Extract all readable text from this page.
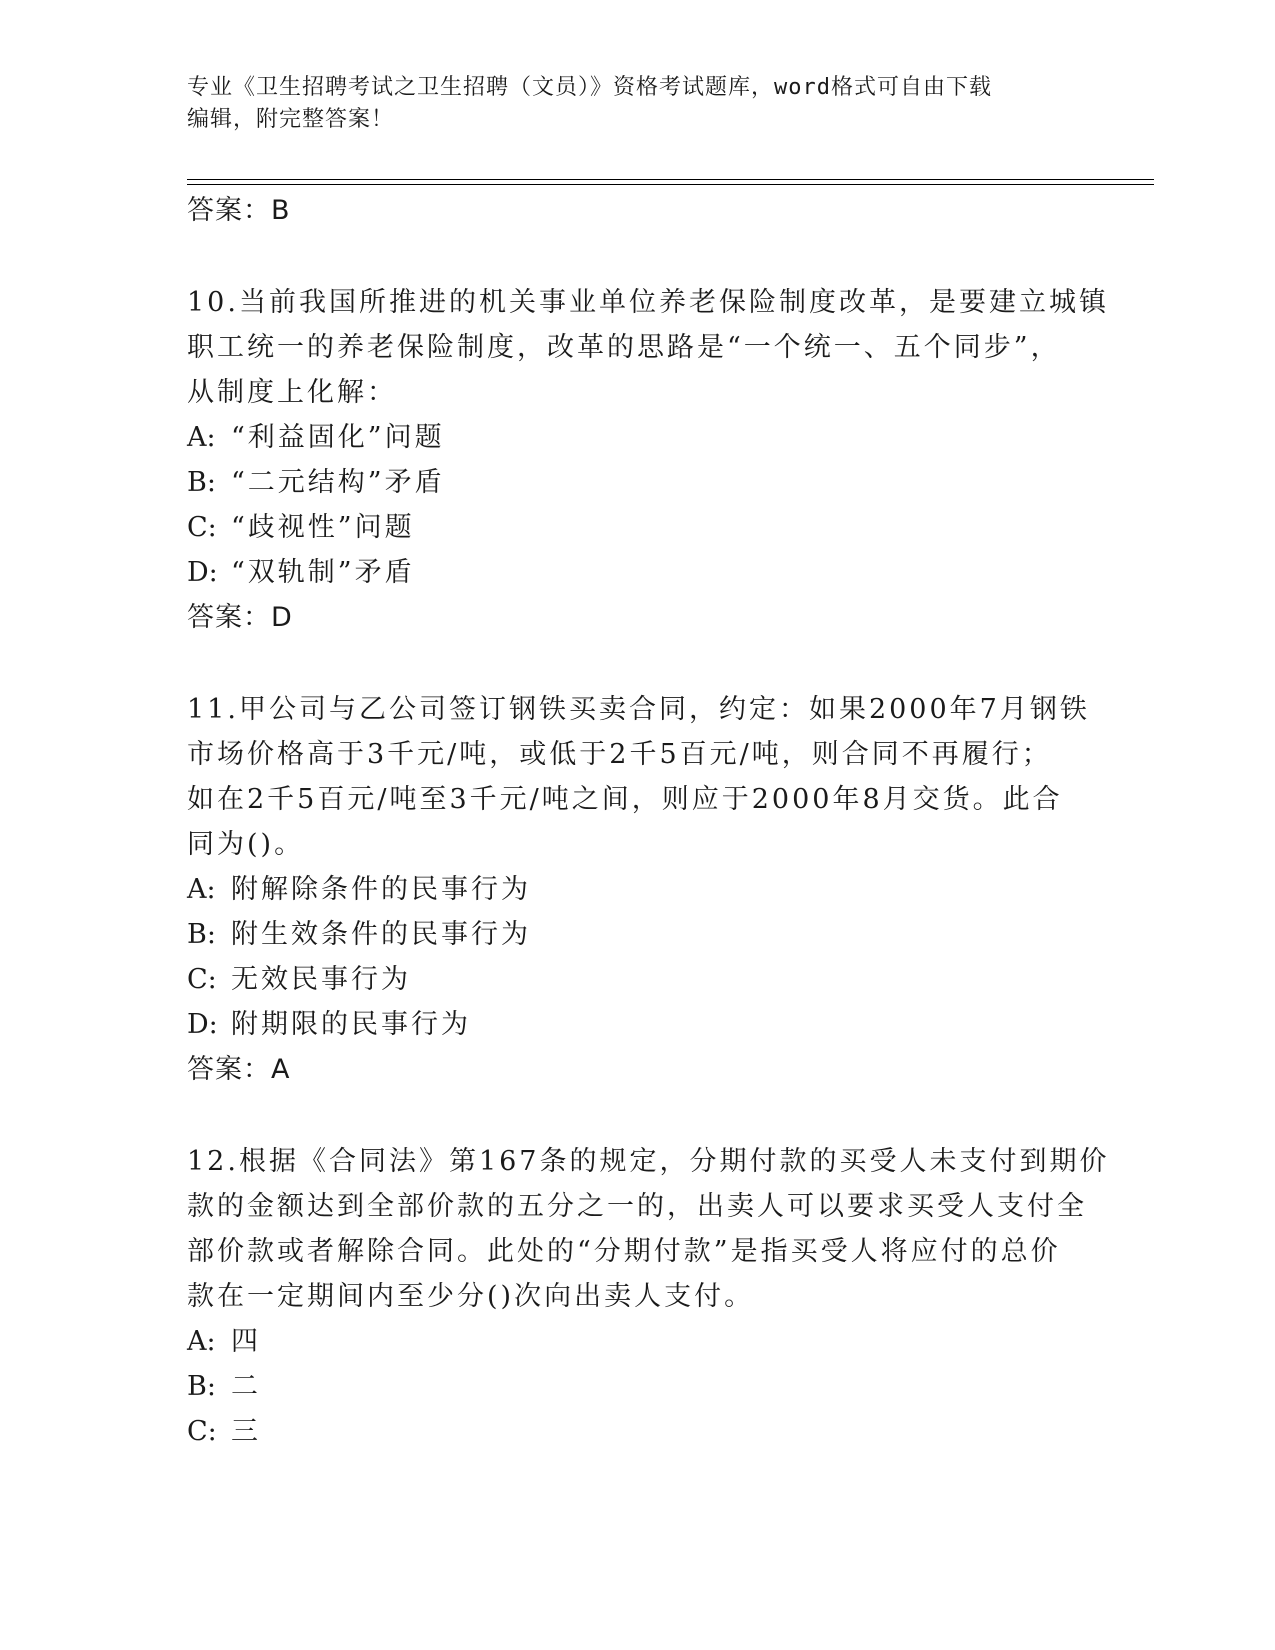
专业《卫生招聘考试之卫生招聘（文员）》资格考试题库，word格式可自由下载
编辑，附完整答案！
答案：B
10.当前我国所推进的机关事业单位养老保险制度改革，是要建立城镇
职工统一的养老保险制度，改革的思路是“一个统一、五个同步”，
从制度上化解：
A: “利益固化”问题
B: “二元结构”矛盾
C: “歧视性”问题
D: “双轨制”矛盾
答案：D
11.甲公司与乙公司签订钢铁买卖合同，约定：如果2000年7月钢铁
市场价格高于3千元/吨，或低于2千5百元/吨，则合同不再履行；
如在2千5百元/吨至3千元/吨之间，则应于2000年8月交货。此合
同为()。
A: 附解除条件的民事行为
B: 附生效条件的民事行为
C: 无效民事行为
D: 附期限的民事行为
答案：A
12.根据《合同法》第167条的规定，分期付款的买受人未支付到期价
款的金额达到全部价款的五分之一的，出卖人可以要求买受人支付全
部价款或者解除合同。此处的“分期付款”是指买受人将应付的总价
款在一定期间内至少分()次向出卖人支付。
A: 四
B: 二
C: 三
